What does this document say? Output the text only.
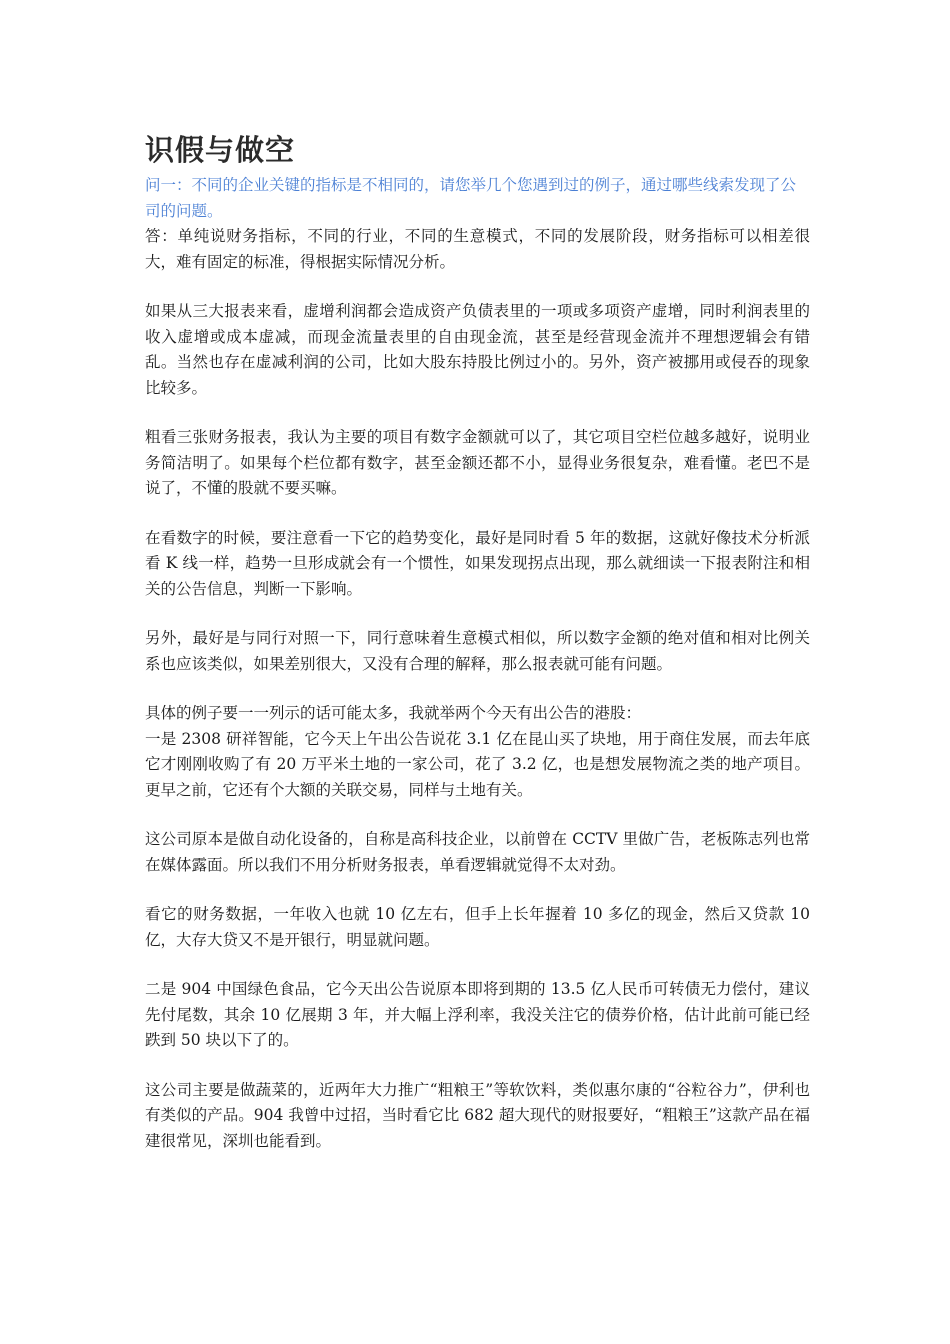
识假与做空

问一：不同的企业关键的指标是不相同的，请您举几个您遇到过的例子，通过哪些线索发现了公司的问题。

答：单纯说财务指标，不同的行业，不同的生意模式，不同的发展阶段，财务指标可以相差很大，难有固定的标准，得根据实际情况分析。

如果从三大报表来看，虚增利润都会造成资产负债表里的一项或多项资产虚增，同时利润表里的收入虚增或成本虚减，而现金流量表里的自由现金流，甚至是经营现金流并不理想逻辑会有错乱。当然也存在虚减利润的公司，比如大股东持股比例过小的。另外，资产被挪用或侵吞的现象比较多。

粗看三张财务报表，我认为主要的项目有数字金额就可以了，其它项目空栏位越多越好，说明业务简洁明了。如果每个栏位都有数字，甚至金额还都不小，显得业务很复杂，难看懂。老巴不是说了，不懂的股就不要买嘛。

在看数字的时候，要注意看一下它的趋势变化，最好是同时看 5 年的数据，这就好像技术分析派看 K 线一样，趋势一旦形成就会有一个惯性，如果发现拐点出现，那么就细读一下报表附注和相关的公告信息，判断一下影响。

另外，最好是与同行对照一下，同行意味着生意模式相似，所以数字金额的绝对值和相对比例关系也应该类似，如果差别很大，又没有合理的解释，那么报表就可能有问题。

具体的例子要一一列示的话可能太多，我就举两个今天有出公告的港股：

一是 2308 研祥智能，它今天上午出公告说花 3.1 亿在昆山买了块地，用于商住发展，而去年底它才刚刚收购了有 20 万平米土地的一家公司，花了 3.2 亿，也是想发展物流之类的地产项目。更早之前，它还有个大额的关联交易，同样与土地有关。

这公司原本是做自动化设备的，自称是高科技企业，以前曾在 CCTV 里做广告，老板陈志列也常在媒体露面。所以我们不用分析财务报表，单看逻辑就觉得不太对劲。

看它的财务数据，一年收入也就 10 亿左右，但手上长年握着 10 多亿的现金，然后又贷款 10 亿，大存大贷又不是开银行，明显就问题。

二是 904 中国绿色食品，它今天出公告说原本即将到期的 13.5 亿人民币可转债无力偿付，建议先付尾数，其余 10 亿展期 3 年，并大幅上浮利率，我没关注它的债券价格，估计此前可能已经跌到 50 块以下了的。

这公司主要是做蔬菜的，近两年大力推广“粗粮王”等软饮料，类似惠尔康的“谷粒谷力”，伊利也有类似的产品。904 我曾中过招，当时看它比 682 超大现代的财报要好，“粗粮王”这款产品在福建很常见，深圳也能看到。
